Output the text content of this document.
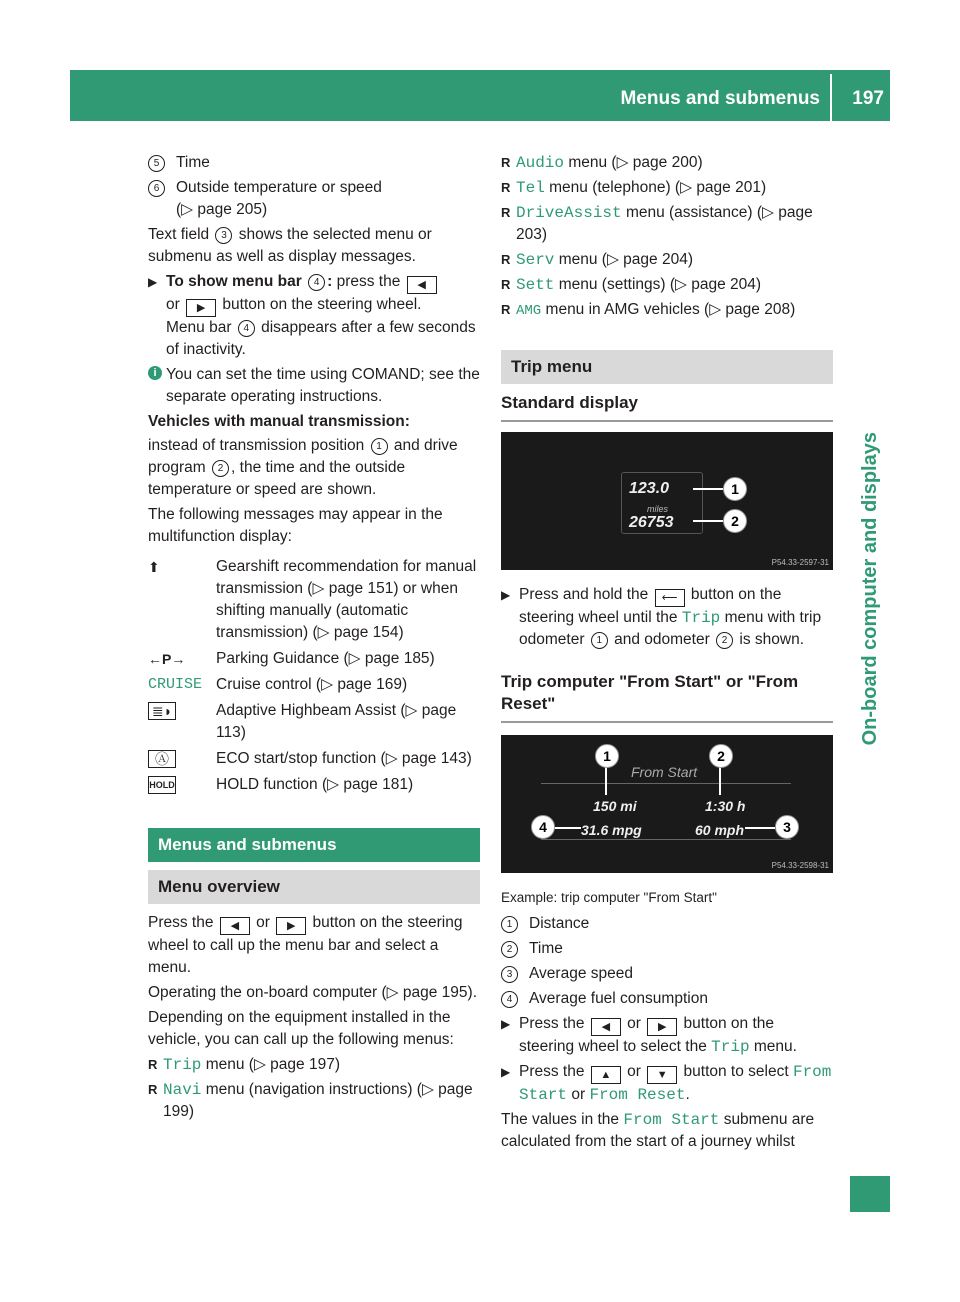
Menus and submenus 197
On-board computer and displays
5	Time
6	Outside temperature or speed
(▷ page 205)

Text field 3 shows the selected menu or submenu as well as display messages.

▶ To show menu bar 4 : press the ◀
or ▶ button on the steering wheel.
Menu bar 4 disappears after a few seconds of inactivity.
i You can set the time using COMAND; see the separate operating instructions.

Vehicles with manual transmission:

instead of transmission position 1 and drive program 2 , the time and the outside temperature or speed are shown.

The following messages may appear in the multifunction display:

⬆	Gearshift recommendation for manual transmission (▷ page 151) or when shifting manually (automatic transmission) (▷ page 154)
←P→ Parking Guidance (▷ page 185)
CRUISE Cruise control (▷ page 169)
≣◗	Adaptive Highbeam Assist (▷ page 113)
Ⓐ	ECO start/stop function (▷ page 143)
HOLD	HOLD function (▷ page 181)
Menus and submenus
Menu overview

Press the ◀ or ▶ button on the steering wheel to call up the menu bar and select a menu.

Operating the on-board computer (▷ page 195).

Depending on the equipment installed in the vehicle, you can call up the following menus:

R Trip menu (▷ page 197)
R Navi menu (navigation instructions) (▷ page 199)
R Audio menu (▷ page 200)
R Tel menu (telephone) (▷ page 201)
R DriveAssist menu (assistance) (▷ page 203)
R Serv menu (▷ page 204)
R Sett menu (settings) (▷ page 204)
R AMG menu in AMG vehicles (▷ page 208)
Trip menu
Standard display
123.0
miles
26753
1
2
P54.33-2597-31
▶ Press and hold the ⟵ button on the steering wheel until the Trip menu with trip odometer 1 and odometer 2 is shown.
Trip computer "From Start" or "From Reset"
From Start
150 mi	1:30 h
31.6 mpg	60 mph
1	2
3
4
P54.33-2598-31

Example: trip computer "From Start"

1	Distance
2	Time
3	Average speed
4	Average fuel consumption
▶ Press the ◀ or ▶ button on the steering wheel to select the Trip menu.
▶ Press the ▲ or ▼ button to select From Start or From Reset.

The values in the From Start submenu are calculated from the start of a journey whilst
